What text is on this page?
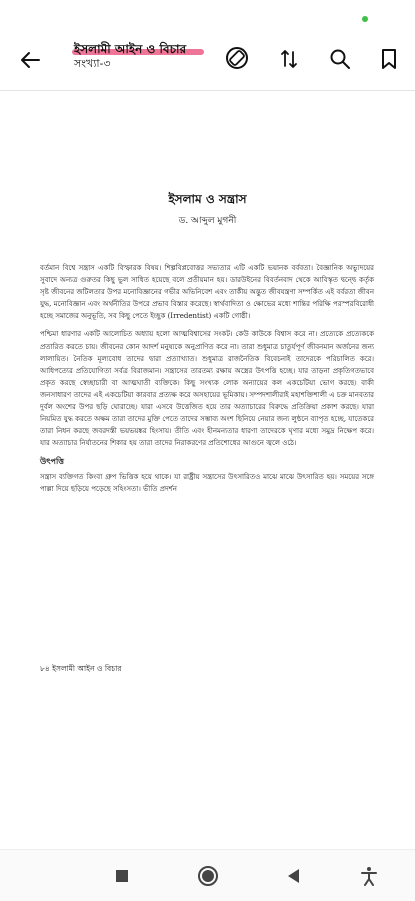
ইসলামী আইন ও বিচার
সংখ্যা-৩
ইসলাম ও সন্ত্রাস
ড. আব্দুল মুগনী

বর্তমান বিশ্বে সন্ত্রাস একটি বিস্ফারক বিষয়। শিল্পবিপ্লবোত্তর সভ্যতার এটি একটি ভয়ানক বর্ববতা। বৈজ্ঞানিক অভ্যুদয়ের সুবাদে অন্যত্র গুরুতর কিছু ভুল সাধিত হয়েছে বলে প্রতীয়মান হয়। ডারউইনের বিবর্তনবাদ থেকে আবিস্কৃত দ্বন্দ্বে কর্তৃক সৃষ্ট জীবনের জটিলতার উপর মনোবিজ্ঞানের গভীর অভিনিবেশ এবং তার্কীয় অদ্ভুত জীবযন্ত্রণা সম্পর্কিত এই বর্বরতা জীবন যুদ্ধ, মনোবিজ্ঞান এবং অর্থনীতির উপরে প্রভাব বিস্তার করেছে। স্বার্থবাদিতা ও ক্ষোভের মধ্যে শান্তির পরিক্ষি পরস্পরবিরোধী হচ্ছে সমাজের অনুভূতি, সব কিছু পেতে ইচ্ছুক (Irredentist) একটি গোষ্ঠী।

পশ্চিমা ধারণার একটি আলোচিত অধ্যায় হলো আত্মবিশ্বাসের সংকট। কেউ কাউকে বিশ্বাস করে না। প্রত্যেকে প্রত্যেককে প্রতারিত করতে চায়। জীবনের কোন আদর্শ মনুষ্যকে অনুপ্রাণিত করে না। তারা শুধুমাত্র চাতুর্যপূর্ণ জীবনমান অর্জনের জন্য লালায়িত। নৈতিক মূল্যবোধ তাদের দ্বারা প্রত্যাখ্যাত। শুধুমাত্র রাজনৈতিক বিবেচনাই তাদেরকে পরিচালিত করে। আধিপত্যের প্রতিযোগিতা সর্বত্র বিরাজমান। সন্ত্রাসের তারতম্য রক্ষায় অস্ত্রের উৎপত্তি হচ্ছে। যার তাড়না প্রকৃতিগতভাবে প্রকৃত করছে স্বেচ্ছাচারী বা আত্মঘাতী ব্যক্তিকে। কিছু সংখ্যক লোক অন্যায়ের কল একচেটিয়া ভোগ করছে। বাকী জনসাধারণ তাদের এই একচেটিয়া কারবার প্রত্যক্ষ করে অসহায়ের ভূমিকায়। সম্পদশালীরাই মহাশক্তিশালী এ চক্র মানবতার দুর্বল অংশের উপর ছড়ি ঘোরাচ্ছে। যারা এসবে উত্তেজিত হয়ে তার অত্যাচারের বিরুদ্ধে প্রতিক্রিয়া প্রকাশ করছে। যারা নিয়মিত যুদ্ধ করতে অক্ষম তারা তাদের মুক্তি পেতে তাদের সম্ভাব্য অংশ ছিনিয়ে নেয়ার জন্য লুন্ঠনে ব্যাপৃত হচ্ছে, যাতেকরে তারা নিধন করছে জবরদস্তী ভয়ভয়ঙ্কর হিংসায়। তীতি এবং হীনমন্যতার ধারণা তাদেরকে ঘৃণার মধ্যে সমুদ্র নিক্ষেপ করে। যার অত্যাচার নির্যাতনের শিকার হয় তারা তাদের নিরাকরণের প্রতিশোধের আগুনে জ্বলে ওঠে।

উৎপত্তি

সন্ত্রাস ব্যক্তিগত কিংবা গ্রুপ ভিত্তিক হয়ে থাকে। যা রাষ্ট্রীয় সন্ত্রাসের উৎসারিতও মাঝে মাঝে উৎসারিত হয়। সময়ের সঙ্গে পাল্লা দিয়ে ছড়িয়ে পড়েছে সহিংসতা। ভীতি প্রদর্শন

৮৪ ইসলামী আইন ও বিচার
